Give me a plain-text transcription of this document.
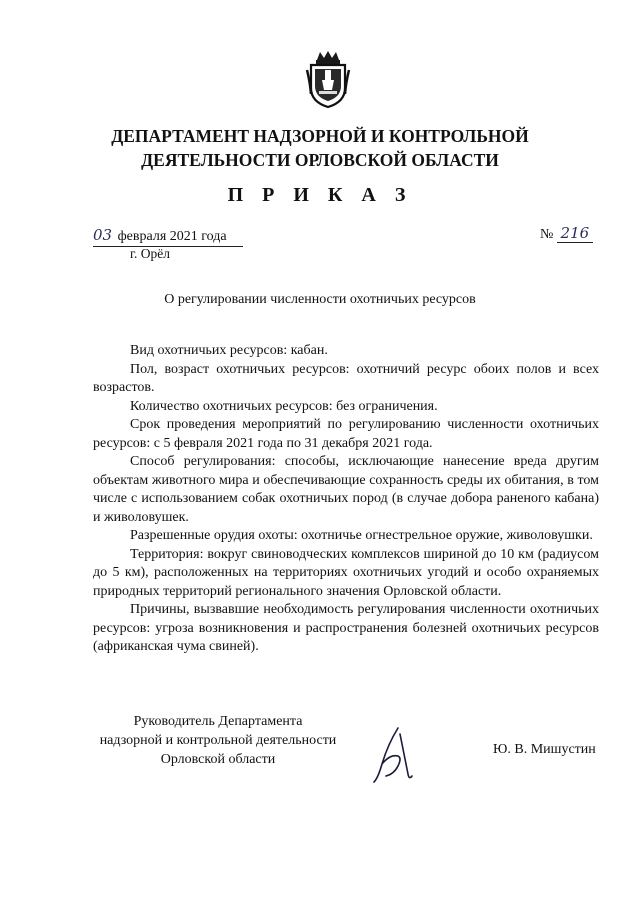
ДЕПАРТАМЕНТ НАДЗОРНОЙ И КОНТРОЛЬНОЙ
ДЕЯТЕЛЬНОСТИ ОРЛОВСКОЙ ОБЛАСТИ
П Р И К А З
03 февраля 2021 года
г. Орёл
№ 216
О регулировании численности охотничьих ресурсов

Вид охотничьих ресурсов: кабан.

Пол, возраст охотничьих ресурсов: охотничий ресурс обоих полов и всех возрастов.

Количество охотничьих ресурсов: без ограничения.

Срок проведения мероприятий по регулированию численности охотничьих ресурсов: с 5 февраля 2021 года по 31 декабря 2021 года.

Способ регулирования: способы, исключающие нанесение вреда другим объектам животного мира и обеспечивающие сохранность среды их обитания, в том числе с использованием собак охотничьих пород (в случае добора раненого кабана) и живоловушек.

Разрешенные орудия охоты: охотничье огнестрельное оружие, живоловушки.

Территория: вокруг свиноводческих комплексов шириной до 10 км (радиусом до 5 км), расположенных на территориях охотничьих угодий и особо охраняемых природных территорий регионального значения Орловской области.

Причины, вызвавшие необходимость регулирования численности охотничьих ресурсов: угроза возникновения и распространения болезней охотничьих ресурсов (африканская чума свиней).

Руководитель Департамента
надзорной и контрольной деятельности
Орловской области
Ю. В. Мишустин
